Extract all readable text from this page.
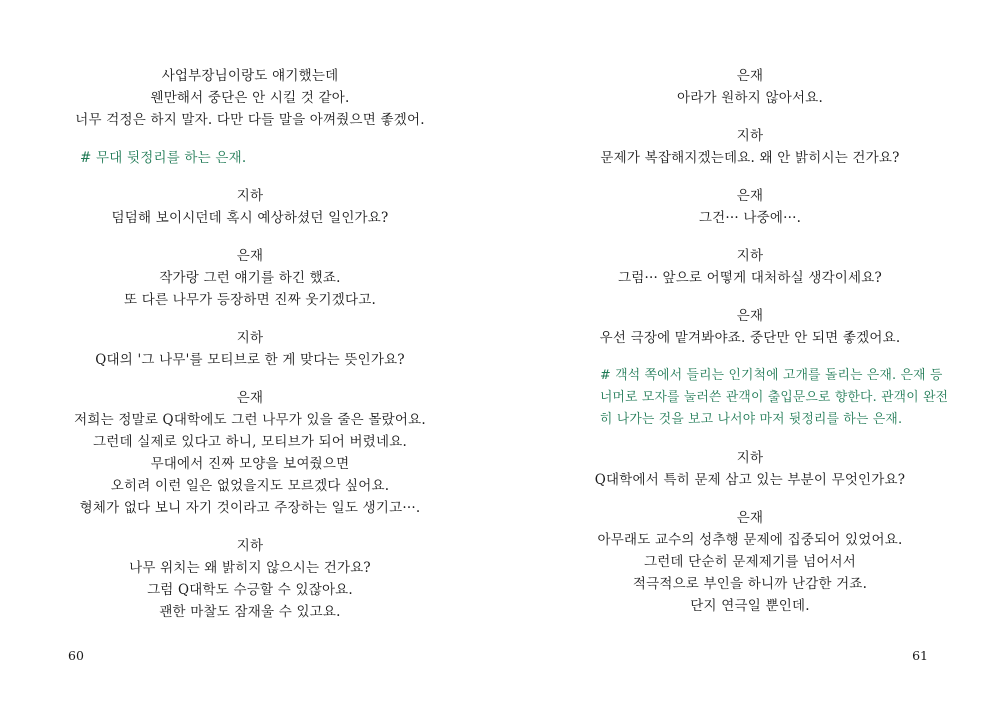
사업부장님이랑도 얘기했는데
웬만해서 중단은 안 시킬 것 같아.
너무 걱정은 하지 말자. 다만 다들 말을 아껴줬으면 좋겠어.
# 무대 뒷정리를 하는 은재.
지하
덤덤해 보이시던데 혹시 예상하셨던 일인가요?
은재
작가랑 그런 얘기를 하긴 했죠.
또 다른 나무가 등장하면 진짜 웃기겠다고.
지하
Q대의 '그 나무'를 모티브로 한 게 맞다는 뜻인가요?
은재
저희는 정말로 Q대학에도 그런 나무가 있을 줄은 몰랐어요.
그런데 실제로 있다고 하니, 모티브가 되어 버렸네요.
무대에서 진짜 모양을 보여줬으면
오히려 이런 일은 없었을지도 모르겠다 싶어요.
형체가 없다 보니 자기 것이라고 주장하는 일도 생기고···.
지하
나무 위치는 왜 밝히지 않으시는 건가요?
그럼 Q대학도 수긍할 수 있잖아요.
괜한 마찰도 잠재울 수 있고요.
60
은재
아라가 원하지 않아서요.
지하
문제가 복잡해지겠는데요. 왜 안 밝히시는 건가요?
은재
그건··· 나중에···.
지하
그럼··· 앞으로 어떻게 대처하실 생각이세요?
은재
우선 극장에 맡겨봐야죠. 중단만 안 되면 좋겠어요.
# 객석 쪽에서 들리는 인기척에 고개를 돌리는 은재. 은재 등
너머로 모자를 눌러쓴 관객이 출입문으로 향한다. 관객이 완전
히 나가는 것을 보고 나서야 마저 뒷정리를 하는 은재.
지하
Q대학에서 특히 문제 삼고 있는 부분이 무엇인가요?
은재
아무래도 교수의 성추행 문제에 집중되어 있었어요.
그런데 단순히 문제제기를 넘어서서
적극적으로 부인을 하니까 난감한 거죠.
단지 연극일 뿐인데.
61
